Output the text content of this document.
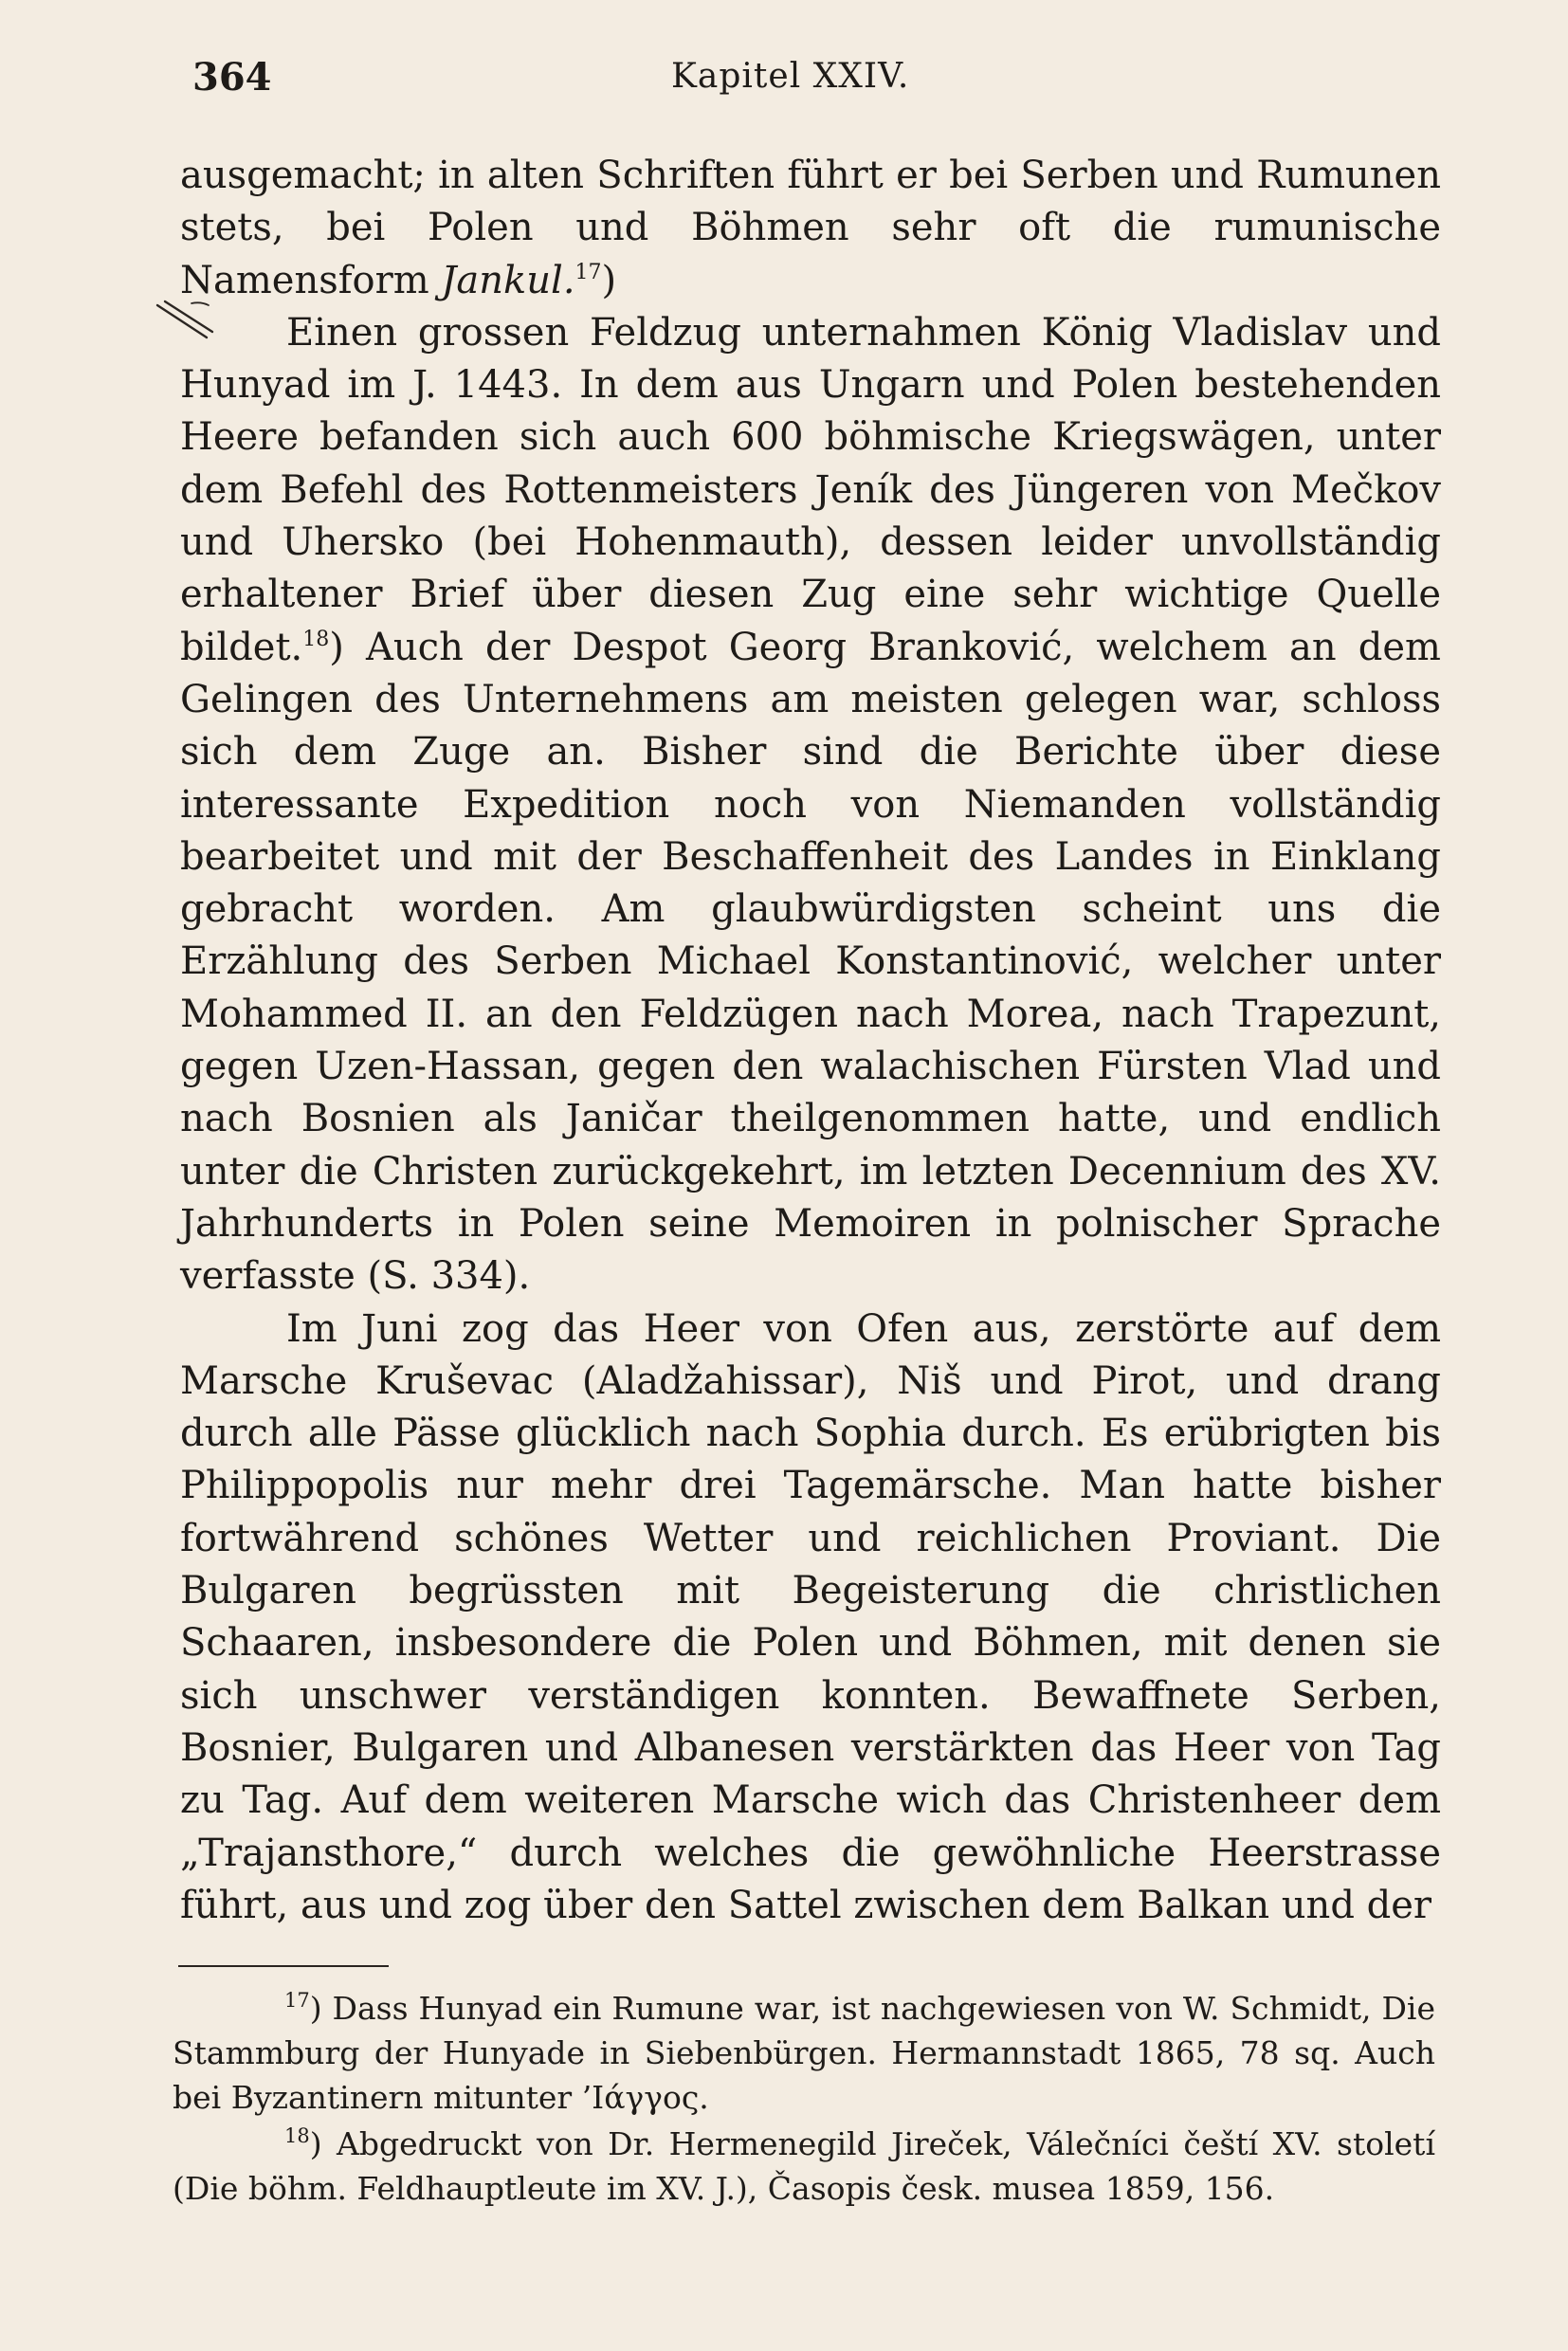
364	Kapitel XXIV.

ausgemacht; in alten Schriften führt er bei Serben und Rumunen stets, bei Polen und Böhmen sehr oft die rumunische Namensform Jankul.$^{17}$)

Einen grossen Feldzug unternahmen König Vladislav und Hunyad im J. 1443. In dem aus Ungarn und Polen bestehenden Heere befanden sich auch 600 böhmische Kriegswägen, unter dem Befehl des Rottenmeisters Jeník des Jüngeren von Mečkov und Uhersko (bei Hohenmauth), dessen leider unvollständig erhaltener Brief über diesen Zug eine sehr wichtige Quelle bildet.$^{18}$) Auch der Despot Georg Branković, welchem an dem Gelingen des Unternehmens am meisten gelegen war, schloss sich dem Zuge an. Bisher sind die Berichte über diese interessante Expedition noch von Niemanden vollständig bearbeitet und mit der Beschaffenheit des Landes in Einklang gebracht worden. Am glaubwürdigsten scheint uns die Erzählung des Serben Michael Konstantinović, welcher unter Mohammed II. an den Feldzügen nach Morea, nach Trapezunt, gegen Uzen-Hassan, gegen den walachischen Fürsten Vlad und nach Bosnien als Janičar theilgenommen hatte, und endlich unter die Christen zurückgekehrt, im letzten Decennium des XV. Jahrhunderts in Polen seine Memoiren in polnischer Sprache verfasste (S. 334).

Im Juni zog das Heer von Ofen aus, zerstörte auf dem Marsche Kruševac (Aladžahissar), Niš und Pirot, und drang durch alle Pässe glücklich nach Sophia durch. Es erübrigten bis Philippopolis nur mehr drei Tagemärsche. Man hatte bisher fortwährend schönes Wetter und reichlichen Proviant. Die Bulgaren begrüssten mit Begeisterung die christlichen Schaaren, insbesondere die Polen und Böhmen, mit denen sie sich unschwer verständigen konnten. Bewaffnete Serben, Bosnier, Bulgaren und Albanesen verstärkten das Heer von Tag zu Tag. Auf dem weiteren Marsche wich das Christenheer dem „Trajansthore,“ durch welches die gewöhnliche Heerstrasse führt, aus und zog über den Sattel zwischen dem Balkan und der

$^{17}$) Dass Hunyad ein Rumune war, ist nachgewiesen von W. Schmidt, Die Stammburg der Hunyade in Siebenbürgen. Hermannstadt 1865, 78 sq. Auch bei Byzantinern mitunter ’Ιάγγος.

$^{18}$) Abgedruckt von Dr. Hermenegild Jireček, Válečníci čeští XV. století (Die böhm. Feldhauptleute im XV. J.), Časopis česk. musea 1859, 156.
